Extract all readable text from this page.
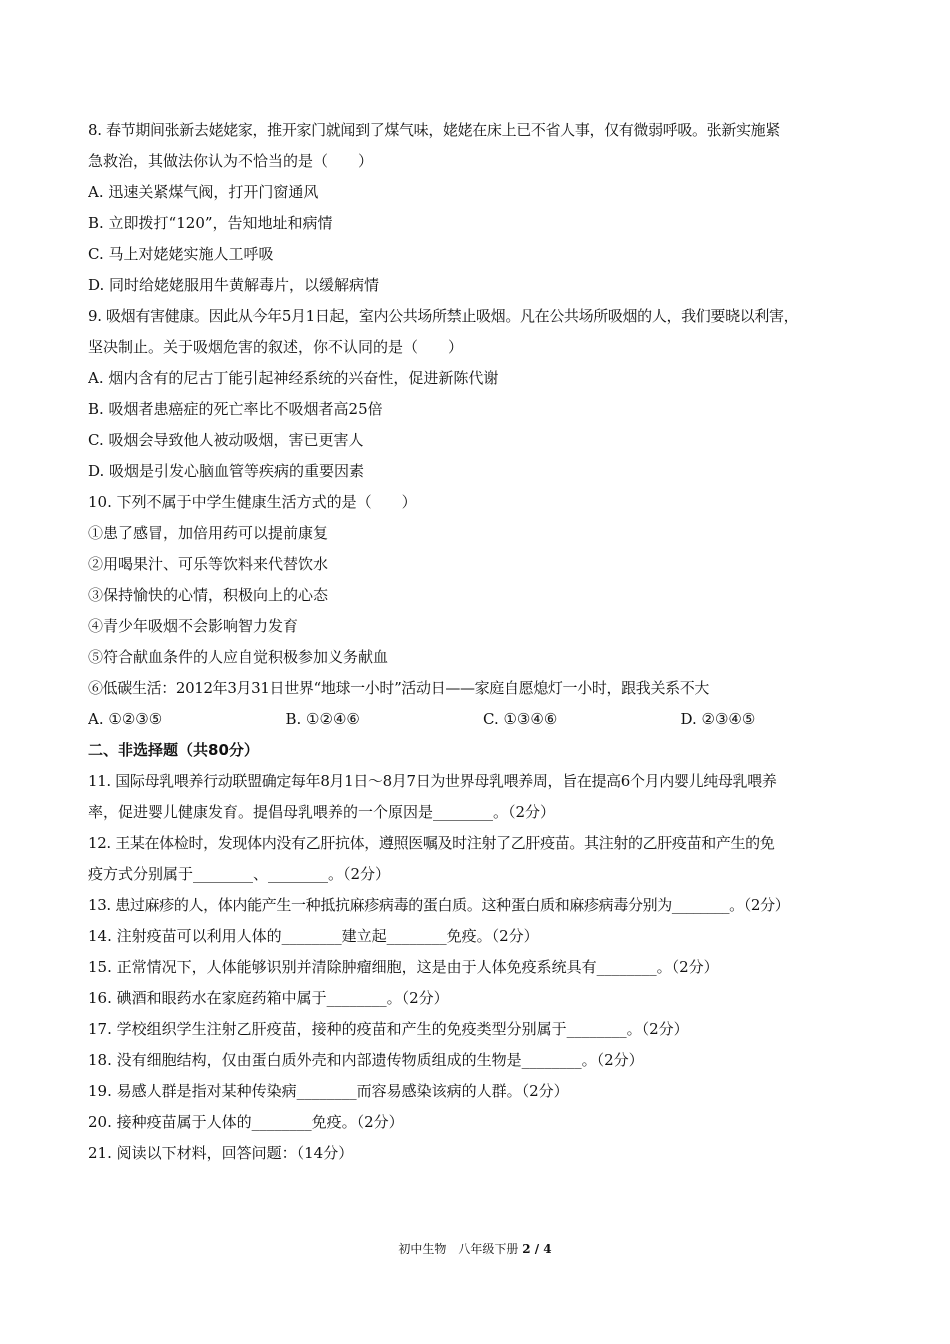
8. 春节期间张新去姥姥家，推开家门就闻到了煤气味，姥姥在床上已不省人事，仅有微弱呼吸。张新实施紧
急救治，其做法你认为不恰当的是（　　）
A. 迅速关紧煤气阀，打开门窗通风
B. 立即拨打“120”，告知地址和病情
C. 马上对姥姥实施人工呼吸
D. 同时给姥姥服用牛黄解毒片，以缓解病情
9. 吸烟有害健康。因此从今年5月1日起，室内公共场所禁止吸烟。凡在公共场所吸烟的人，我们要晓以利害，
坚决制止。关于吸烟危害的叙述，你不认同的是（　　）
A. 烟内含有的尼古丁能引起神经系统的兴奋性，促进新陈代谢
B. 吸烟者患癌症的死亡率比不吸烟者高25倍
C. 吸烟会导致他人被动吸烟，害已更害人
D. 吸烟是引发心脑血管等疾病的重要因素
10. 下列不属于中学生健康生活方式的是（　　）
①患了感冒，加倍用药可以提前康复
②用喝果汁、可乐等饮料来代替饮水
③保持愉快的心情，积极向上的心态
④青少年吸烟不会影响智力发育
⑤符合献血条件的人应自觉积极参加义务献血
⑥低碳生活：2012年3月31日世界“地球一小时”活动日——家庭自愿熄灯一小时，跟我关系不大
A. ①②③⑤	B. ①②④⑥	C. ①③④⑥	D. ②③④⑤
二、非选择题（共80分）
11. 国际母乳喂养行动联盟确定每年8月1日～8月7日为世界母乳喂养周，旨在提高6个月内婴儿纯母乳喂养
率，促进婴儿健康发育。提倡母乳喂养的一个原因是________。（2分）
12. 王某在体检时，发现体内没有乙肝抗体，遵照医嘱及时注射了乙肝疫苗。其注射的乙肝疫苗和产生的免
疫方式分别属于________、________。（2分）
13. 患过麻疹的人，体内能产生一种抵抗麻疹病毒的蛋白质。这种蛋白质和麻疹病毒分别为________。（2分）
14. 注射疫苗可以利用人体的________建立起________免疫。（2分）
15. 正常情况下，人体能够识别并清除肿瘤细胞，这是由于人体免疫系统具有________。（2分）
16. 碘酒和眼药水在家庭药箱中属于________。（2分）
17. 学校组织学生注射乙肝疫苗，接种的疫苗和产生的免疫类型分别属于________。（2分）
18. 没有细胞结构，仅由蛋白质外壳和内部遗传物质组成的生物是________。（2分）
19. 易感人群是指对某种传染病________而容易感染该病的人群。（2分）
20. 接种疫苗属于人体的________免疫。（2分）
21. 阅读以下材料，回答问题：（14分）
初中生物　八年级下册 2 / 4
